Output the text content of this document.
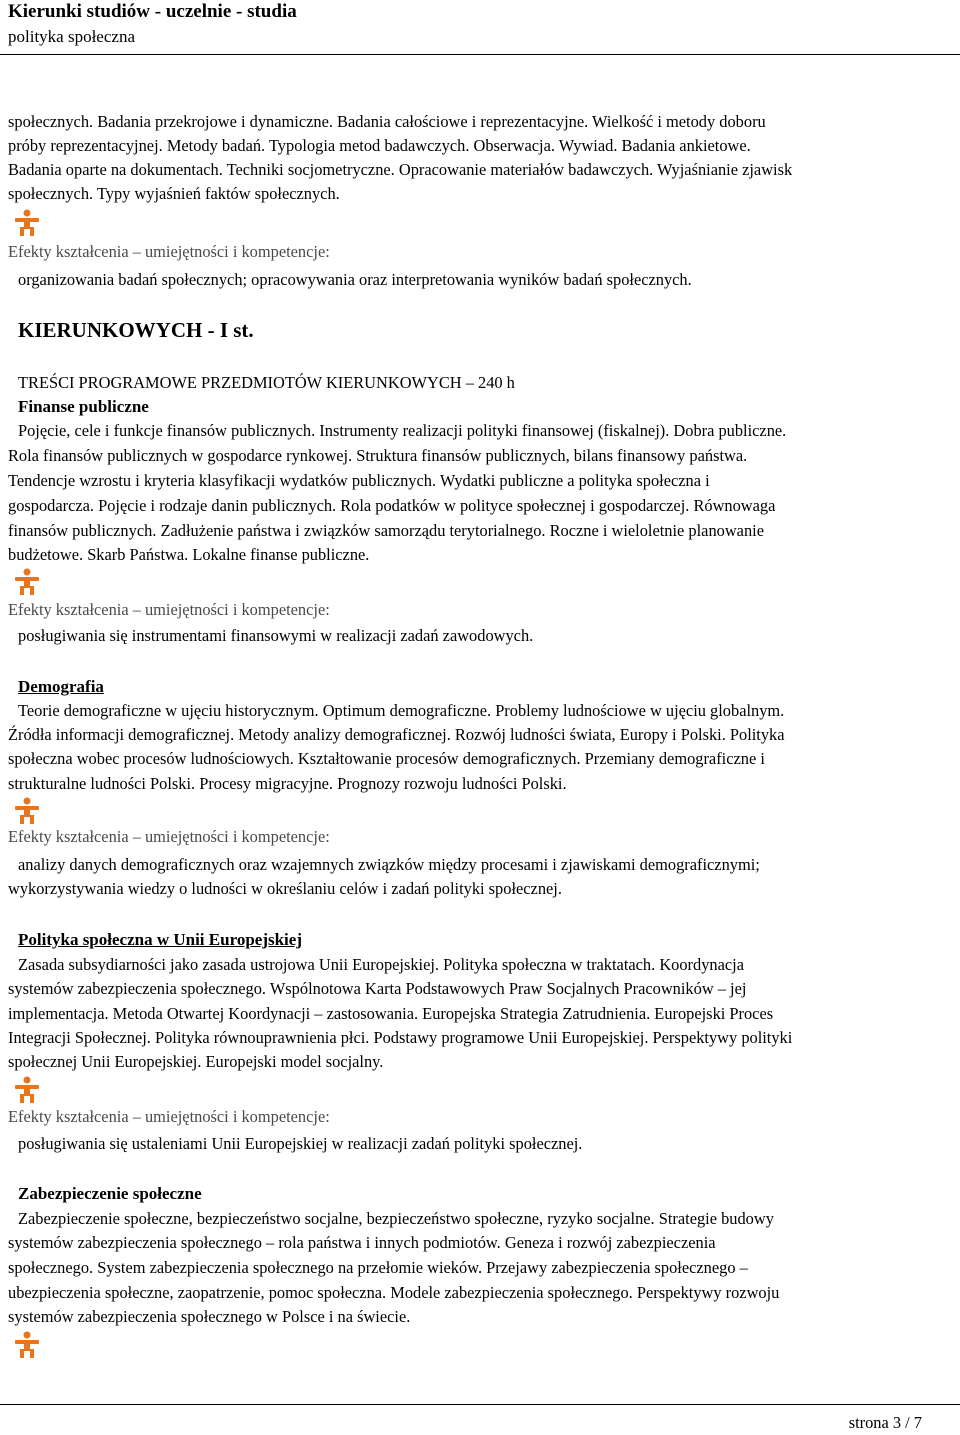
Kierunki studiów - uczelnie - studia
polityka społeczna
społecznych. Badania przekrojowe i dynamiczne. Badania całościowe i reprezentacyjne. Wielkość i metody doboru
próby reprezentacyjnej. Metody badań. Typologia metod badawczych. Obserwacja. Wywiad. Badania ankietowe.
Badania oparte na dokumentach. Techniki socjometryczne. Opracowanie materiałów badawczych. Wyjaśnianie zjawisk
społecznych. Typy wyjaśnień faktów społecznych.
Efekty kształcenia – umiejętności i kompetencje:
organizowania badań społecznych; opracowywania oraz interpretowania wyników badań społecznych.
KIERUNKOWYCH - I st.
TREŚCI PROGRAMOWE PRZEDMIOTÓW KIERUNKOWYCH – 240 h
Finanse publiczne
Pojęcie, cele i funkcje finansów publicznych. Instrumenty realizacji polityki finansowej (fiskalnej). Dobra publiczne.
Rola finansów publicznych w gospodarce rynkowej. Struktura finansów publicznych, bilans finansowy państwa.
Tendencje wzrostu i kryteria klasyfikacji wydatków publicznych. Wydatki publiczne a polityka społeczna i
gospodarcza. Pojęcie i rodzaje danin publicznych. Rola podatków w polityce społecznej i gospodarczej. Równowaga
finansów publicznych. Zadłużenie państwa i związków samorządu terytorialnego. Roczne i wieloletnie planowanie
budżetowe. Skarb Państwa. Lokalne finanse publiczne.
Efekty kształcenia – umiejętności i kompetencje:
posługiwania się instrumentami finansowymi w realizacji zadań zawodowych.
Demografia
Teorie demograficzne w ujęciu historycznym. Optimum demograficzne. Problemy ludnościowe w ujęciu globalnym.
Źródła informacji demograficznej. Metody analizy demograficznej. Rozwój ludności świata, Europy i Polski. Polityka
społeczna wobec procesów ludnościowych. Kształtowanie procesów demograficznych. Przemiany demograficzne i
strukturalne ludności Polski. Procesy migracyjne. Prognozy rozwoju ludności Polski.
Efekty kształcenia – umiejętności i kompetencje:
analizy danych demograficznych oraz wzajemnych związków między procesami i zjawiskami demograficznymi;
wykorzystywania wiedzy o ludności w określaniu celów i zadań polityki społecznej.
Polityka społeczna w Unii Europejskiej
Zasada subsydiarności jako zasada ustrojowa Unii Europejskiej. Polityka społeczna w traktatach. Koordynacja
systemów zabezpieczenia społecznego. Wspólnotowa Karta Podstawowych Praw Socjalnych Pracowników – jej
implementacja. Metoda Otwartej Koordynacji – zastosowania. Europejska Strategia Zatrudnienia. Europejski Proces
Integracji Społecznej. Polityka równouprawnienia płci. Podstawy programowe Unii Europejskiej. Perspektywy polityki
społecznej Unii Europejskiej. Europejski model socjalny.
Efekty kształcenia – umiejętności i kompetencje:
posługiwania się ustaleniami Unii Europejskiej w realizacji zadań polityki społecznej.
Zabezpieczenie społeczne
Zabezpieczenie społeczne, bezpieczeństwo socjalne, bezpieczeństwo społeczne, ryzyko socjalne. Strategie budowy
systemów zabezpieczenia społecznego – rola państwa i innych podmiotów. Geneza i rozwój zabezpieczenia
społecznego. System zabezpieczenia społecznego na przełomie wieków. Przejawy zabezpieczenia społecznego –
ubezpieczenia społeczne, zaopatrzenie, pomoc społeczna. Modele zabezpieczenia społecznego. Perspektywy rozwoju
systemów zabezpieczenia społecznego w Polsce i na świecie.
strona 3 / 7
